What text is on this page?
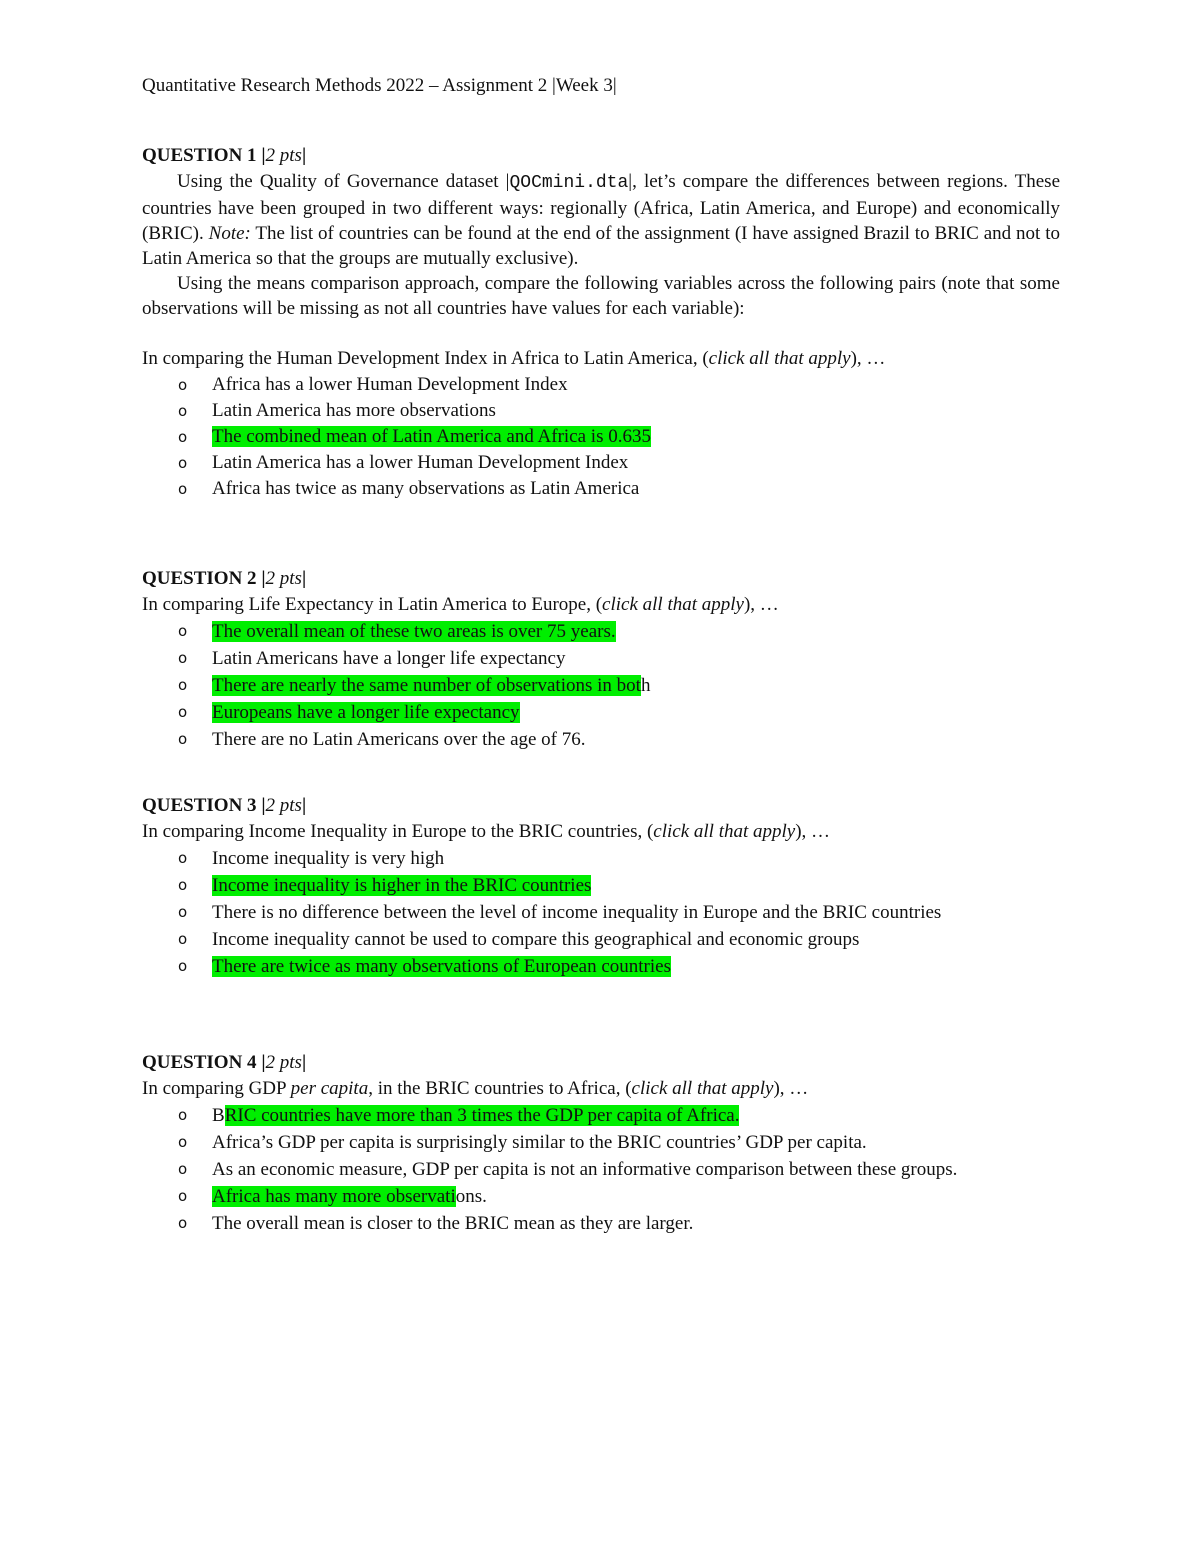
Quantitative Research Methods 2022 – Assignment 2 |Week 3|
QUESTION 1 |2 pts|
Using the Quality of Governance dataset |QOCmini.dta|, let’s compare the differences between regions. These countries have been grouped in two different ways: regionally (Africa, Latin America, and Europe) and economically (BRIC). Note: The list of countries can be found at the end of the assignment (I have assigned Brazil to BRIC and not to Latin America so that the groups are mutually exclusive).
Using the means comparison approach, compare the following variables across the following pairs (note that some observations will be missing as not all countries have values for each variable):
In comparing the Human Development Index in Africa to Latin America, (click all that apply), …
o Africa has a lower Human Development Index
o Latin America has more observations
o The combined mean of Latin America and Africa is 0.635
o Latin America has a lower Human Development Index
o Africa has twice as many observations as Latin America
QUESTION 2 |2 pts|
In comparing Life Expectancy in Latin America to Europe, (click all that apply), …
o The overall mean of these two areas is over 75 years.
o Latin Americans have a longer life expectancy
o There are nearly the same number of observations in both
o Europeans have a longer life expectancy
o There are no Latin Americans over the age of 76.
QUESTION 3 |2 pts|
In comparing Income Inequality in Europe to the BRIC countries, (click all that apply), …
o Income inequality is very high
o Income inequality is higher in the BRIC countries
o There is no difference between the level of income inequality in Europe and the BRIC countries
o Income inequality cannot be used to compare this geographical and economic groups
o There are twice as many observations of European countries
QUESTION 4 |2 pts|
In comparing GDP per capita, in the BRIC countries to Africa, (click all that apply), …
o BRIC countries have more than 3 times the GDP per capita of Africa.
o Africa’s GDP per capita is surprisingly similar to the BRIC countries’ GDP per capita.
o As an economic measure, GDP per capita is not an informative comparison between these groups.
o Africa has many more observations.
o The overall mean is closer to the BRIC mean as they are larger.
